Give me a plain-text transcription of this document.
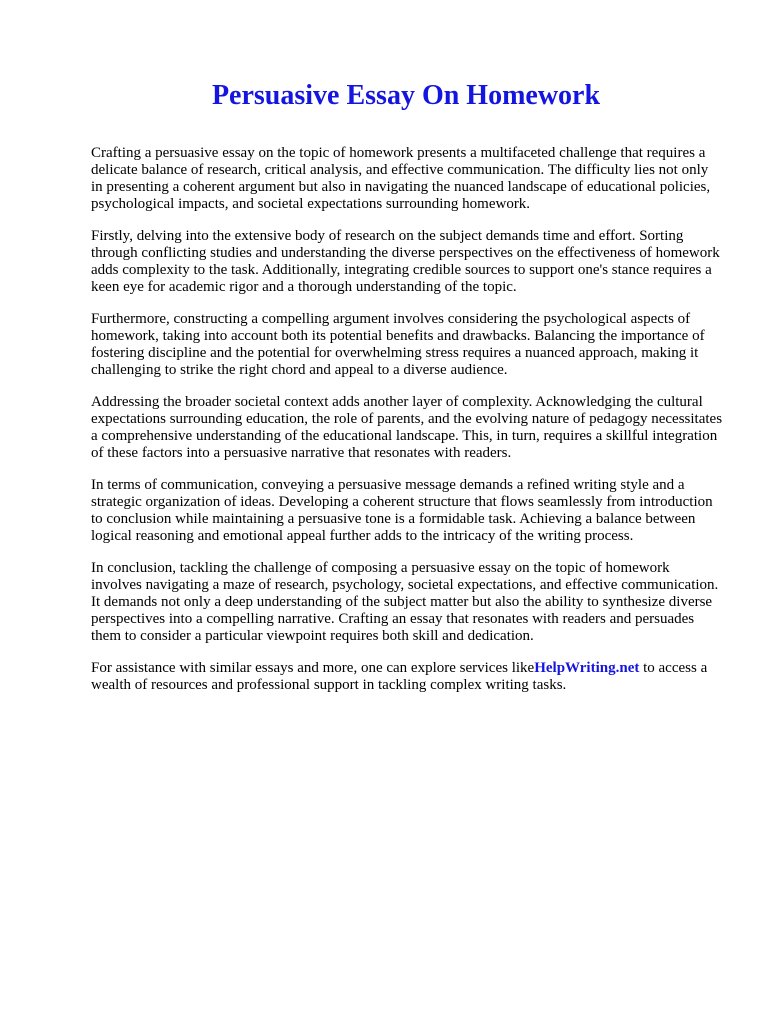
Persuasive Essay On Homework

Crafting a persuasive essay on the topic of homework presents a multifaceted challenge that requires a delicate balance of research, critical analysis, and effective communication. The difficulty lies not only in presenting a coherent argument but also in navigating the nuanced landscape of educational policies, psychological impacts, and societal expectations surrounding homework.

Firstly, delving into the extensive body of research on the subject demands time and effort. Sorting through conflicting studies and understanding the diverse perspectives on the effectiveness of homework adds complexity to the task. Additionally, integrating credible sources to support one's stance requires a keen eye for academic rigor and a thorough understanding of the topic.

Furthermore, constructing a compelling argument involves considering the psychological aspects of homework, taking into account both its potential benefits and drawbacks. Balancing the importance of fostering discipline and the potential for overwhelming stress requires a nuanced approach, making it challenging to strike the right chord and appeal to a diverse audience.

Addressing the broader societal context adds another layer of complexity. Acknowledging the cultural expectations surrounding education, the role of parents, and the evolving nature of pedagogy necessitates a comprehensive understanding of the educational landscape. This, in turn, requires a skillful integration of these factors into a persuasive narrative that resonates with readers.

In terms of communication, conveying a persuasive message demands a refined writing style and a strategic organization of ideas. Developing a coherent structure that flows seamlessly from introduction to conclusion while maintaining a persuasive tone is a formidable task. Achieving a balance between logical reasoning and emotional appeal further adds to the intricacy of the writing process.

In conclusion, tackling the challenge of composing a persuasive essay on the topic of homework involves navigating a maze of research, psychology, societal expectations, and effective communication. It demands not only a deep understanding of the subject matter but also the ability to synthesize diverse perspectives into a compelling narrative. Crafting an essay that resonates with readers and persuades them to consider a particular viewpoint requires both skill and dedication.

For assistance with similar essays and more, one can explore services likeHelpWriting.net to access a wealth of resources and professional support in tackling complex writing tasks.
